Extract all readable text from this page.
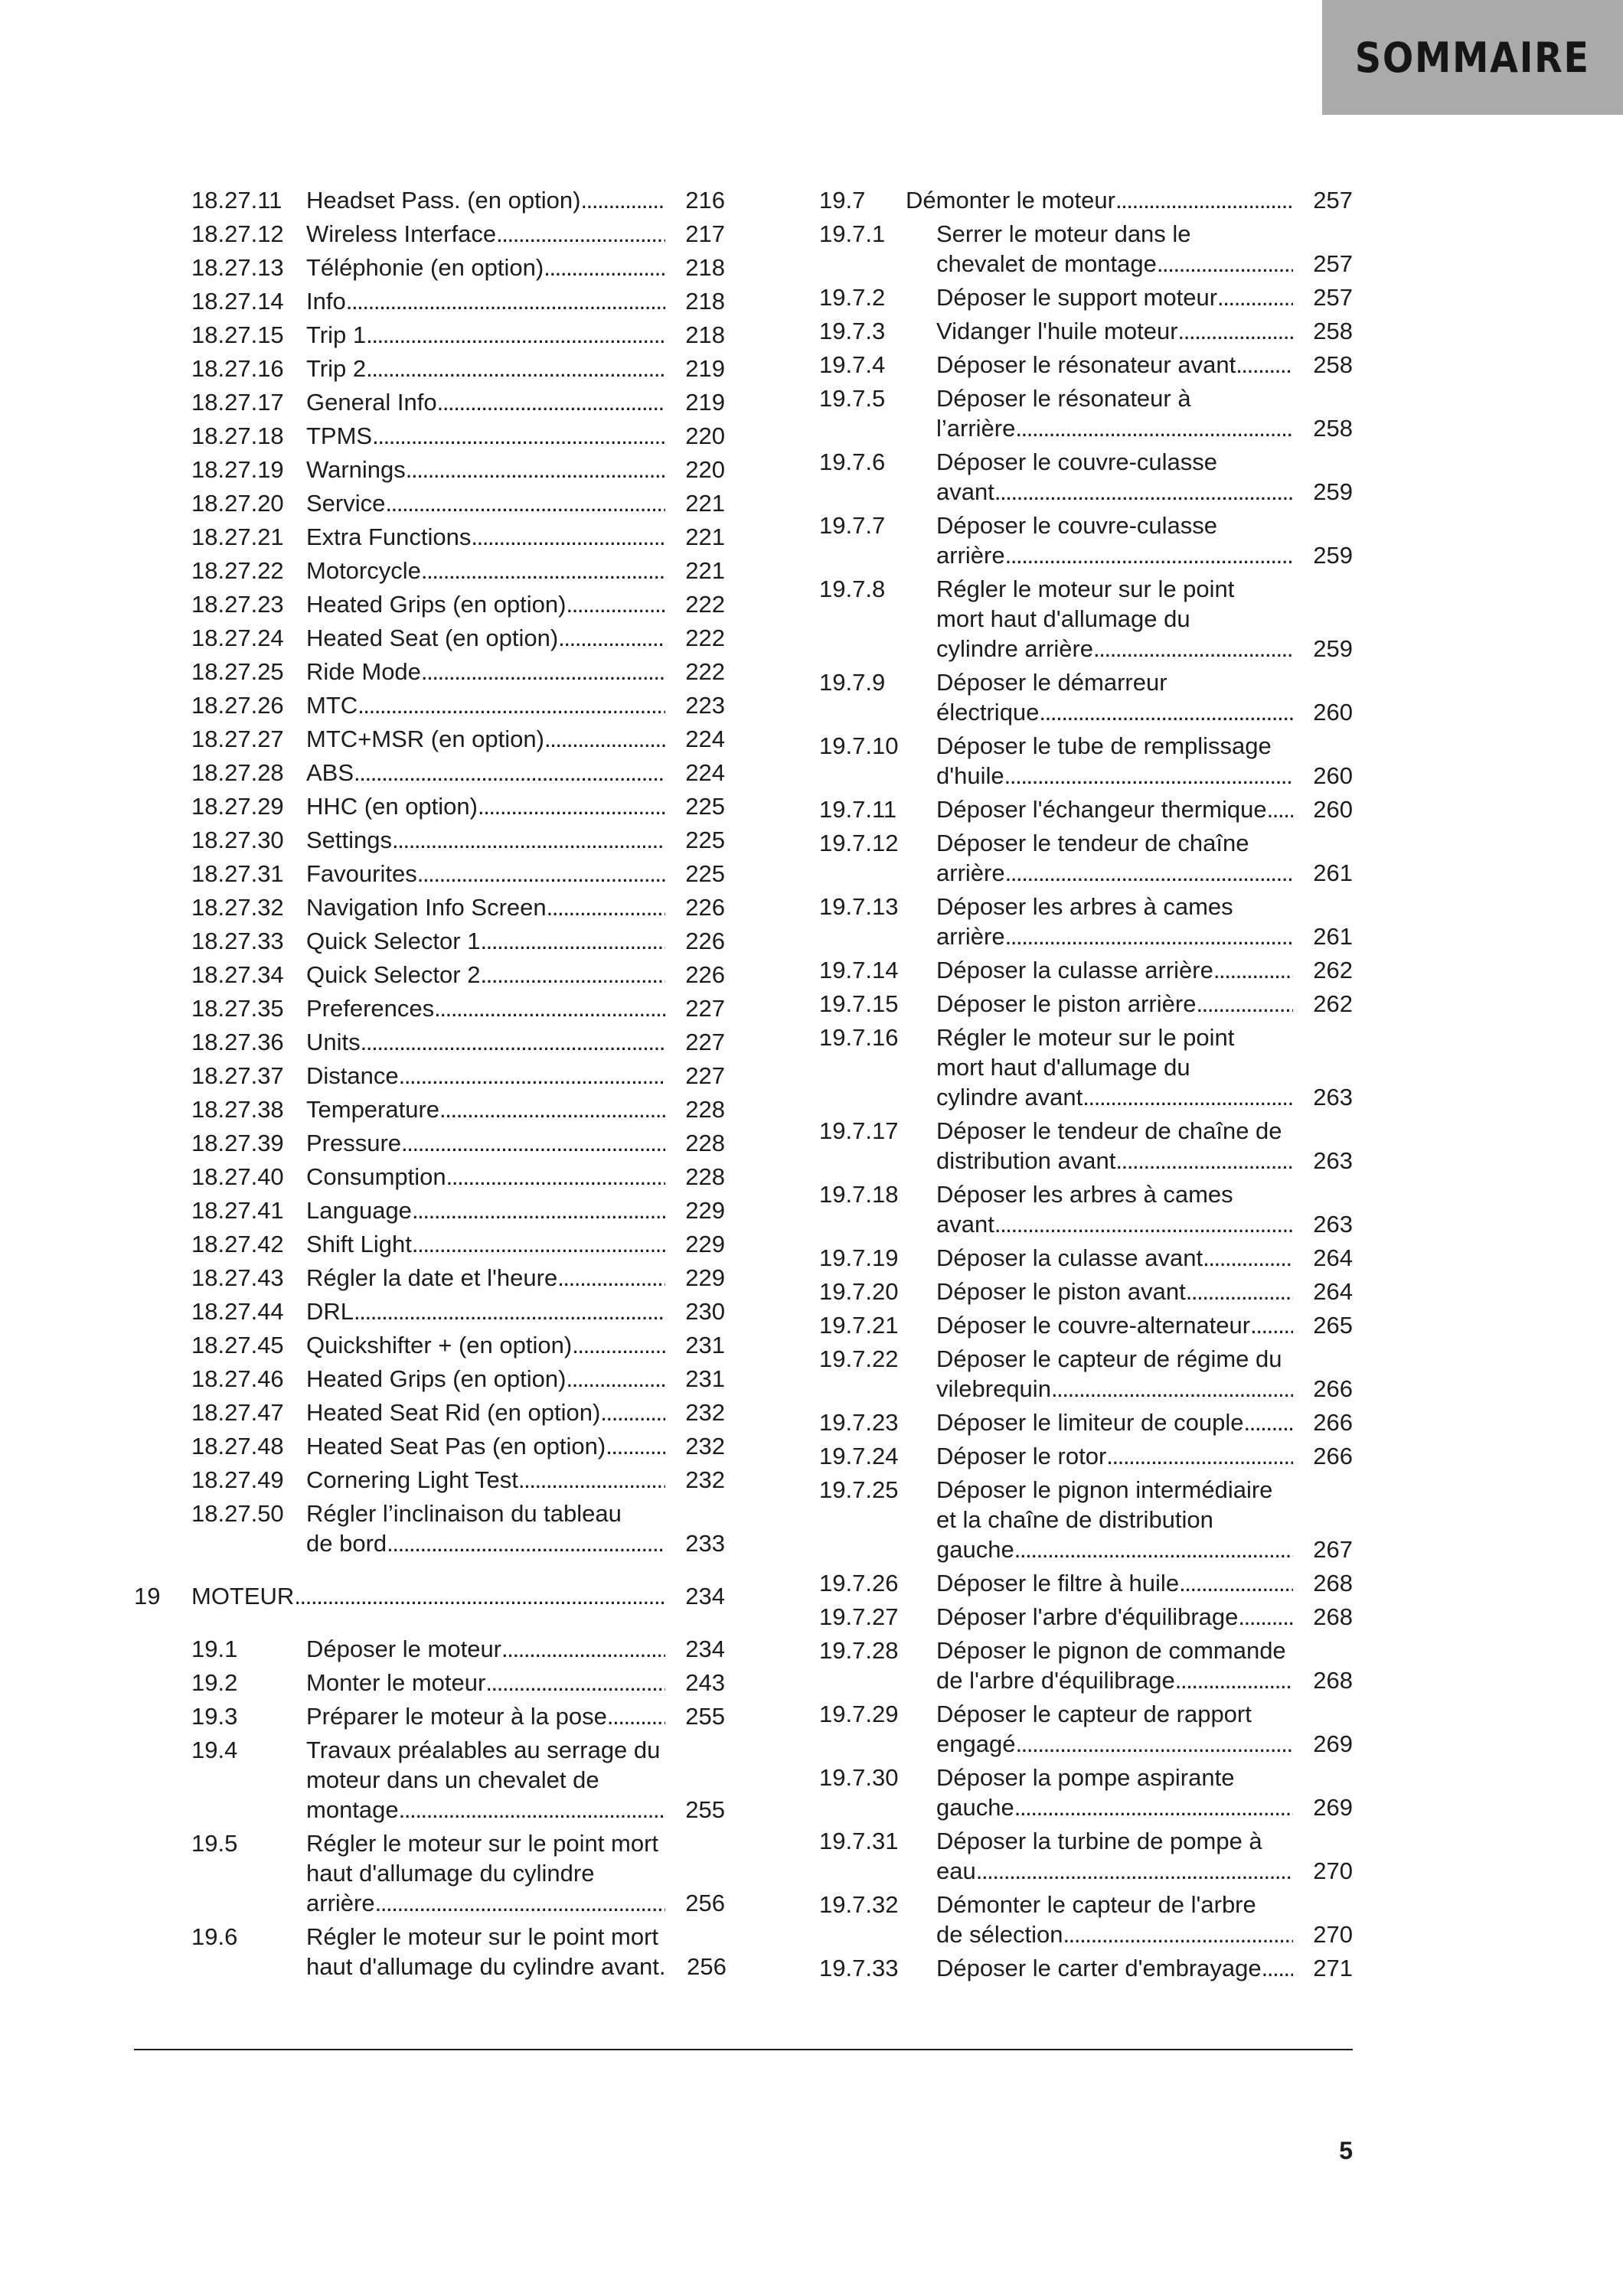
SOMMAIRE
18.27.11	Headset Pass. (en option) . . .	216
18.27.12 Wireless Interface . . .	217
18.27.13 Téléphonie (en option) . . .	218
18.27.14 Info . . .	218
18.27.15 Trip 1 . . .	218
18.27.16 Trip 2 . . .	219
18.27.17 General Info . . .	219
18.27.18 TPMS . . .	220
18.27.19 Warnings . . .	220
18.27.20 Service . . .	221
18.27.21 Extra Functions . . .	221
18.27.22 Motorcycle . . .	221
18.27.23 Heated Grips (en option) . . .	222
18.27.24 Heated Seat (en option) . . .	222
18.27.25 Ride Mode . . .	222
18.27.26 MTC . . .	223
18.27.27 MTC+MSR (en option) . . .	224
18.27.28 ABS . . .	224
18.27.29 HHC (en option) . . .	225
18.27.30 Settings . . .	225
18.27.31 Favourites . . .	225
18.27.32 Navigation Info Screen . . .	226
18.27.33 Quick Selector 1 . . .	226
18.27.34 Quick Selector 2 . . .	226
18.27.35 Preferences . . .	227
18.27.36 Units . . .	227
18.27.37 Distance . . .	227
18.27.38 Temperature . . .	228
18.27.39 Pressure . . .	228
18.27.40 Consumption . . .	228
18.27.41 Language . . .	229
18.27.42 Shift Light . . .	229
18.27.43 Régler la date et l'heure . . .	229
18.27.44 DRL . . .	230
18.27.45 Quickshifter + (en option) . . .	231
18.27.46 Heated Grips (en option) . . .	231
18.27.47 Heated Seat Rid (en option) . . .	232
18.27.48 Heated Seat Pas (en option) . . .	232
18.27.49 Cornering Light Test . . .	232
18.27.50 Régler l’inclinaison du tableau
de bord . . .	233
19	MOTEUR . . .	234
19.1	Déposer le moteur . . .	234
19.2	Monter le moteur . . .	243
19.3	Préparer le moteur à la pose . . .	255
19.4	Travaux préalables au serrage du
moteur dans un chevalet de
montage . . .	255
19.5	Régler le moteur sur le point mort
haut d'allumage du cylindre
arrière . . .	256
19.6	Régler le moteur sur le point mort
haut d'allumage du cylindre avant . . .	256
19.7	Démonter le moteur . . .	257
19.7.1	Serrer le moteur dans le
chevalet de montage . . .	257
19.7.2	Déposer le support moteur . . .	257
19.7.3	Vidanger l'huile moteur . . .	258
19.7.4	Déposer le résonateur avant . . .	258
19.7.5	Déposer le résonateur à
l’arrière . . .	258
19.7.6	Déposer le couvre-culasse
avant . . .	259
19.7.7	Déposer le couvre-culasse
arrière . . .	259
19.7.8	Régler le moteur sur le point
mort haut d'allumage du
cylindre arrière . . .	259
19.7.9	Déposer le démarreur
électrique . . .	260
19.7.10	Déposer le tube de remplissage
d'huile . . .	260
19.7.11	Déposer l'échangeur thermique . . .	260
19.7.12	Déposer le tendeur de chaîne
arrière . . .	261
19.7.13	Déposer les arbres à cames
arrière . . .	261
19.7.14	Déposer la culasse arrière . . .	262
19.7.15	Déposer le piston arrière . . .	262
19.7.16	Régler le moteur sur le point
mort haut d'allumage du
cylindre avant . . .	263
19.7.17	Déposer le tendeur de chaîne de
distribution avant . . .	263
19.7.18	Déposer les arbres à cames
avant . . .	263
19.7.19	Déposer la culasse avant . . .	264
19.7.20	Déposer le piston avant . . .	264
19.7.21	Déposer le couvre-alternateur . . .	265
19.7.22	Déposer le capteur de régime du
vilebrequin . . .	266
19.7.23	Déposer le limiteur de couple . . .	266
19.7.24	Déposer le rotor . . .	266
19.7.25	Déposer le pignon intermédiaire
et la chaîne de distribution
gauche . . .	267
19.7.26	Déposer le filtre à huile . . .	268
19.7.27	Déposer l'arbre d'équilibrage . . .	268
19.7.28	Déposer le pignon de commande
de l'arbre d'équilibrage . . .	268
19.7.29	Déposer le capteur de rapport
engagé . . .	269
19.7.30	Déposer la pompe aspirante
gauche . . .	269
19.7.31	Déposer la turbine de pompe à
eau . . .	270
19.7.32	Démonter le capteur de l'arbre
de sélection . . .	270
19.7.33	Déposer le carter d'embrayage . . .	271
5
